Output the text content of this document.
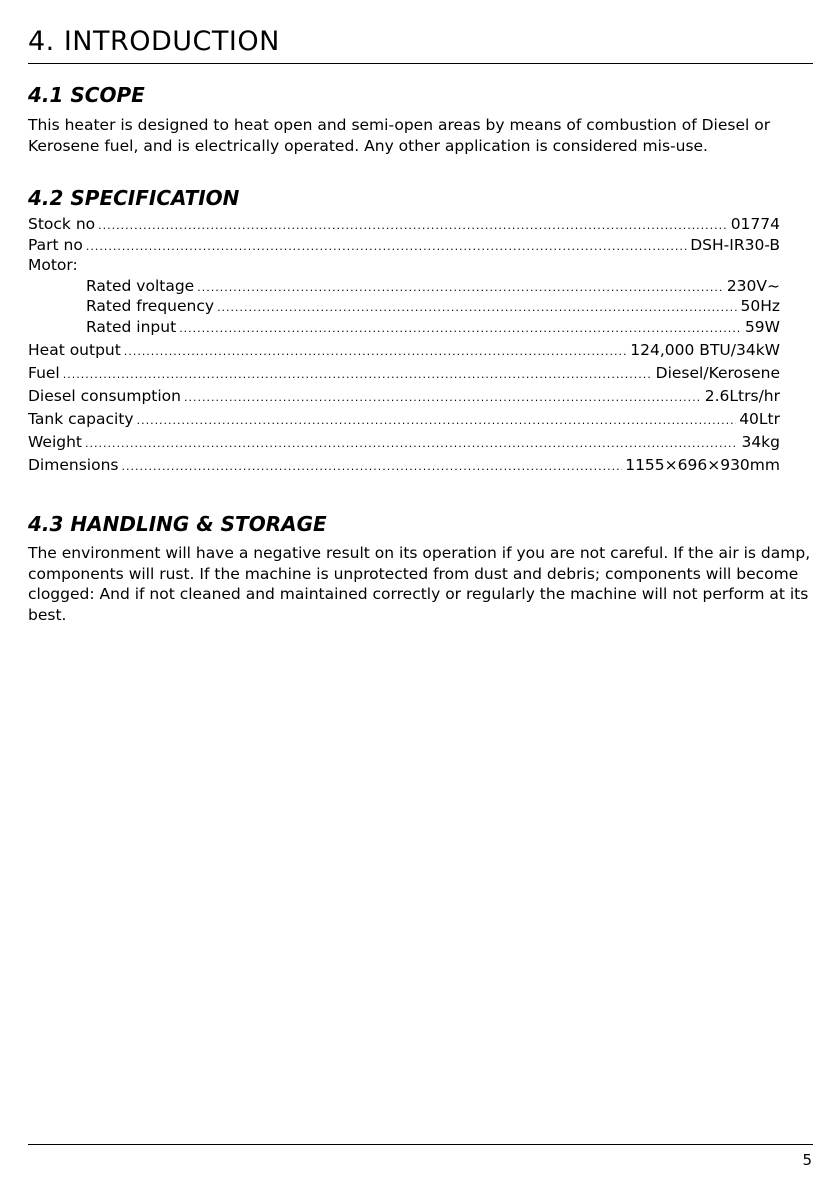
4. INTRODUCTION
4.1 SCOPE

This heater is designed to heat open and semi-open areas by means of combustion of Diesel or Kerosene fuel, and is electrically operated. Any other application is considered mis-use.

4.2 SPECIFICATION
Stock no .....	01774
Part no .....	DSH-IR30-B
Motor:
Rated voltage .....	230V~
Rated frequency .....	50Hz
Rated input .....	59W
Heat output .....	124,000 BTU/34kW
Fuel .....	Diesel/Kerosene
Diesel consumption .....	2.6Ltrs/hr
Tank capacity .....	40Ltr
Weight .....	34kg
Dimensions .....	1155×696×930mm
4.3 HANDLING & STORAGE

The environment will have a negative result on its operation if you are not careful. If the air is damp, components will rust. If the machine is unprotected from dust and debris; components will become clogged: And if not cleaned and maintained correctly or regularly the machine will not perform at its best.

5
